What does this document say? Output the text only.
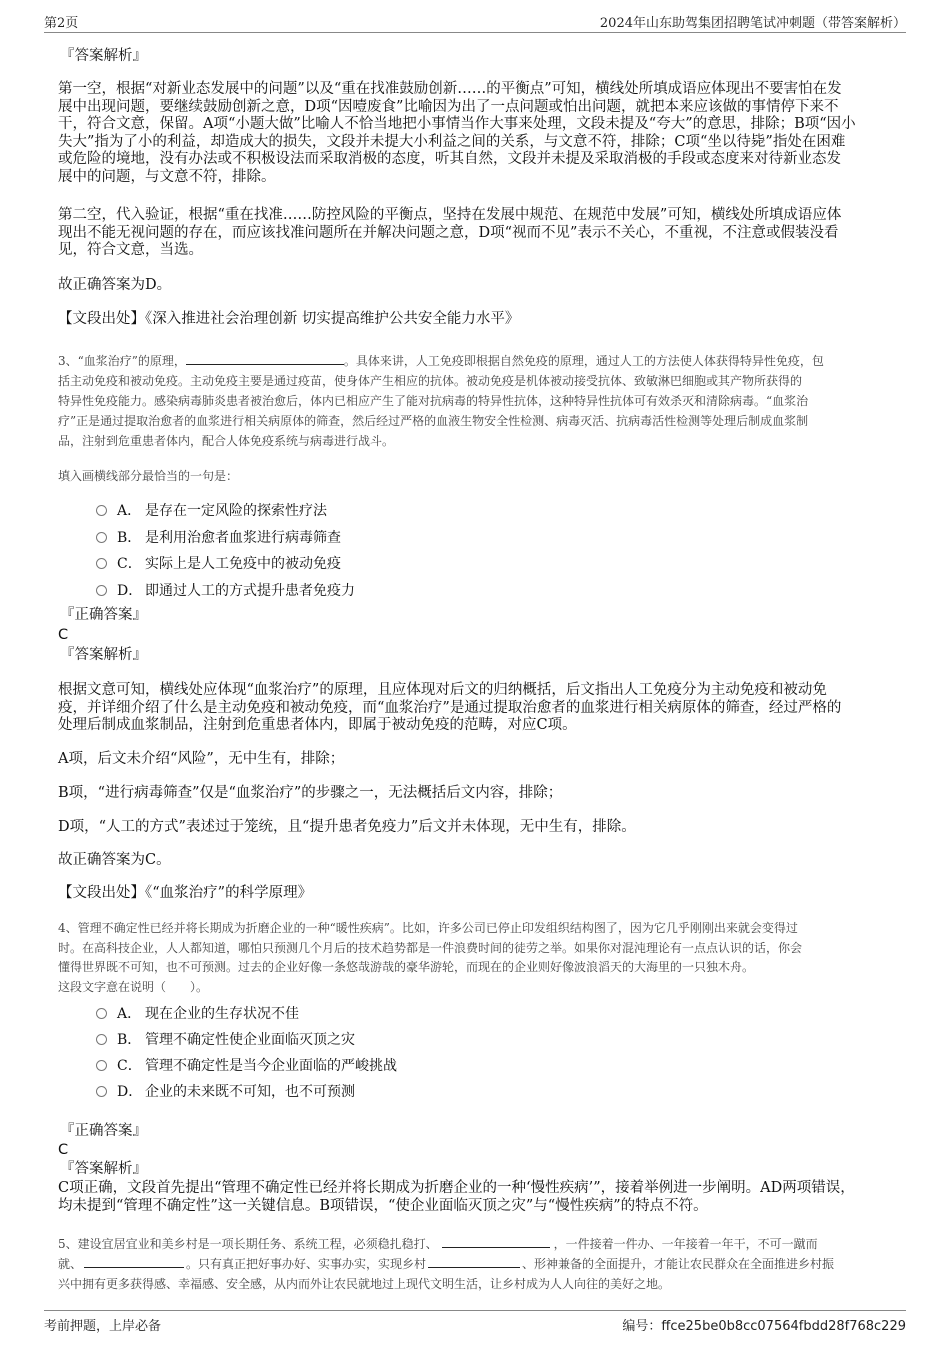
第2页	2024年山东助驾集团招聘笔试冲刺题（带答案解析）
『答案解析』
第一空，根据“对新业态发展中的问题”以及“重在找准鼓励创新……的平衡点”可知，横线处所填成语应体现出不要害怕在发
展中出现问题，要继续鼓励创新之意，D项“因噎废食”比喻因为出了一点问题或怕出问题，就把本来应该做的事情停下来不
干，符合文意，保留。A项“小题大做”比喻人不恰当地把小事情当作大事来处理，文段未提及“夸大”的意思，排除；B项“因小
失大”指为了小的利益，却造成大的损失，文段并未提大小利益之间的关系，与文意不符，排除；C项“坐以待毙”指处在困难
或危险的境地，没有办法或不积极设法而采取消极的态度，听其自然，文段并未提及采取消极的手段或态度来对待新业态发
展中的问题，与文意不符，排除。
第二空，代入验证，根据“重在找准……防控风险的平衡点，坚持在发展中规范、在规范中发展”可知，横线处所填成语应体
现出不能无视问题的存在，而应该找准问题所在并解决问题之意，D项“视而不见”表示不关心，不重视，不注意或假装没看
见，符合文意，当选。
故正确答案为D。
【文段出处】《深入推进社会治理创新 切实提高维护公共安全能力水平》
3、“血浆治疗”的原理，	。具体来讲，人工免疫即根据自然免疫的原理，通过人工的方法使人体获得特异性免疫，包
括主动免疫和被动免疫。主动免疫主要是通过疫苗，使身体产生相应的抗体。被动免疫是机体被动接受抗体、致敏淋巴细胞或其产物所获得的
特异性免疫能力。感染病毒肺炎患者被治愈后，体内已相应产生了能对抗病毒的特异性抗体，这种特异性抗体可有效杀灭和清除病毒。“血浆治
疗”正是通过提取治愈者的血浆进行相关病原体的筛查，然后经过严格的血液生物安全性检测、病毒灭活、抗病毒活性检测等处理后制成血浆制
品，注射到危重患者体内，配合人体免疫系统与病毒进行战斗。
填入画横线部分最恰当的一句是：
A． 是存在一定风险的探索性疗法
B． 是利用治愈者血浆进行病毒筛查
C． 实际上是人工免疫中的被动免疫
D． 即通过人工的方式提升患者免疫力
『正确答案』
C
『答案解析』
根据文意可知，横线处应体现“血浆治疗”的原理，且应体现对后文的归纳概括，后文指出人工免疫分为主动免疫和被动免
疫，并详细介绍了什么是主动免疫和被动免疫，而“血浆治疗”是通过提取治愈者的血浆进行相关病原体的筛查，经过严格的
处理后制成血浆制品，注射到危重患者体内，即属于被动免疫的范畴，对应C项。
A项，后文未介绍“风险”，无中生有，排除；
B项，“进行病毒筛查”仅是“血浆治疗”的步骤之一，无法概括后文内容，排除；
D项，“人工的方式”表述过于笼统，且“提升患者免疫力”后文并未体现，无中生有，排除。
故正确答案为C。
【文段出处】《“血浆治疗”的科学原理》
4、管理不确定性已经并将长期成为折磨企业的一种“暖性疾病”。比如，许多公司已停止印发组织结构图了，因为它几乎刚刚出来就会变得过
时。在高科技企业，人人都知道，哪怕只预测几个月后的技术趋势都是一件浪费时间的徒劳之举。如果你对混沌理论有一点点认识的话，你会
懂得世界既不可知，也不可预测。过去的企业好像一条悠哉游哉的豪华游轮，而现在的企业则好像波浪滔天的大海里的一只独木舟。
这段文字意在说明（　　）。
A． 现在企业的生存状况不佳
B． 管理不确定性使企业面临灭顶之灾
C． 管理不确定性是当今企业面临的严峻挑战
D． 企业的未来既不可知，也不可预测
『正确答案』
C
『答案解析』
C项正确，文段首先提出“管理不确定性已经并将长期成为折磨企业的一种‘慢性疾病’”，接着举例进一步阐明。AD两项错误，
均未提到“管理不确定性”这一关键信息。B项错误，“使企业面临灭顶之灾”与“慢性疾病”的特点不符。
5、建设宜居宜业和美乡村是一项长期任务、系统工程，必须稳扎稳打、	，一件接着一件办、一年接着一年干，不可一蹴而
就、	。只有真正把好事办好、实事办实，实现乡村	、形神兼备的全面提升，才能让农民群众在全面推进乡村振
兴中拥有更多获得感、幸福感、安全感，从内而外让农民就地过上现代文明生活，让乡村成为人人向往的美好之地。
考前押题，上岸必备	编号：ffce25be0b8cc07564fbdd28f768c229
